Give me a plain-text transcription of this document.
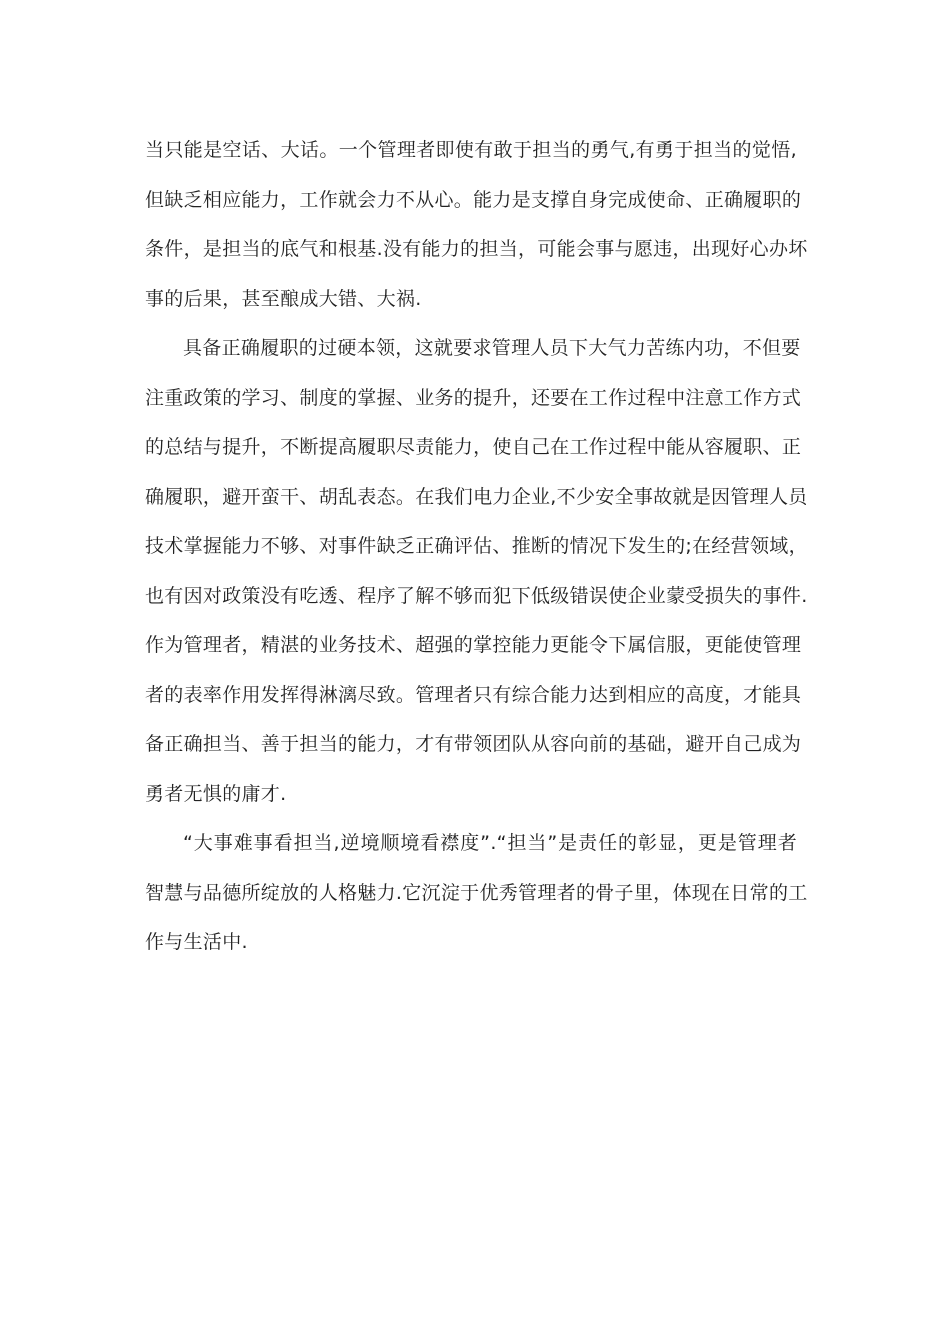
当只能是空话、大话。一个管理者即使有敢于担当的勇气,有勇于担当的觉悟,
但缺乏相应能力，工作就会力不从心。能力是支撑自身完成使命、正确履职的
条件，是担当的底气和根基.没有能力的担当，可能会事与愿违，出现好心办坏
事的后果，甚至酿成大错、大祸.
具备正确履职的过硬本领，这就要求管理人员下大气力苦练内功，不但要
注重政策的学习、制度的掌握、业务的提升，还要在工作过程中注意工作方式
的总结与提升，不断提高履职尽责能力，使自己在工作过程中能从容履职、正
确履职，避开蛮干、胡乱表态。在我们电力企业,不少安全事故就是因管理人员
技术掌握能力不够、对事件缺乏正确评估、推断的情况下发生的;在经营领域，
也有因对政策没有吃透、程序了解不够而犯下低级错误使企业蒙受损失的事件.
作为管理者，精湛的业务技术、超强的掌控能力更能令下属信服，更能使管理
者的表率作用发挥得淋漓尽致。管理者只有综合能力达到相应的高度，才能具
备正确担当、善于担当的能力，才有带领团队从容向前的基础，避开自己成为
勇者无惧的庸才.
“大事难事看担当,逆境顺境看襟度”.“担当”是责任的彰显，更是管理者
智慧与品德所绽放的人格魅力.它沉淀于优秀管理者的骨子里，体现在日常的工
作与生活中.
